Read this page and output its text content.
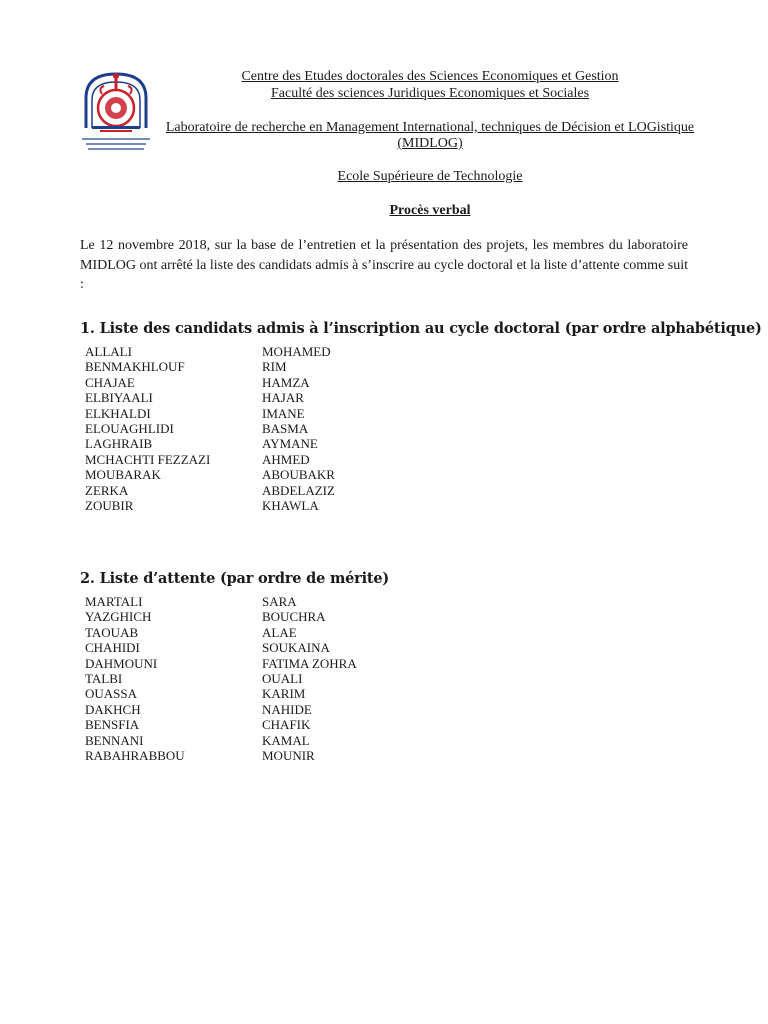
Centre des Etudes doctorales des Sciences Economiques et Gestion
Faculté des sciences Juridiques Economiques et Sociales
Laboratoire de recherche en Management International, techniques de Décision et LOGistique (MIDLOG)
Ecole Supérieure de Technologie
Procès verbal
Le 12 novembre 2018, sur la base de l’entretien et la présentation des projets, les membres du laboratoire MIDLOG ont arrêté la liste des candidats admis à s’inscrire au cycle doctoral et la liste d’attente comme suit :
1. Liste des candidats admis à l’inscription au cycle doctoral (par ordre alphabétique)
ALLALI	MOHAMED
BENMAKHLOUF	RIM
CHAJAE	HAMZA
ELBIYAALI	HAJAR
ELKHALDI	IMANE
ELOUAGHLIDI	BASMA
LAGHRAIB	AYMANE
MCHACHTI FEZZAZI	AHMED
MOUBARAK	ABOUBAKR
ZERKA	ABDELAZIZ
ZOUBIR	KHAWLA
2. Liste d’attente (par ordre de mérite)
MARTALI	SARA
YAZGHICH	BOUCHRA
TAOUAB	ALAE
CHAHIDI	SOUKAINA
DAHMOUNI	FATIMA ZOHRA
TALBI	OUALI
OUASSA	KARIM
DAKHCH	NAHIDE
BENSFIA	CHAFIK
BENNANI	KAMAL
RABAHRABBOU	MOUNIR
